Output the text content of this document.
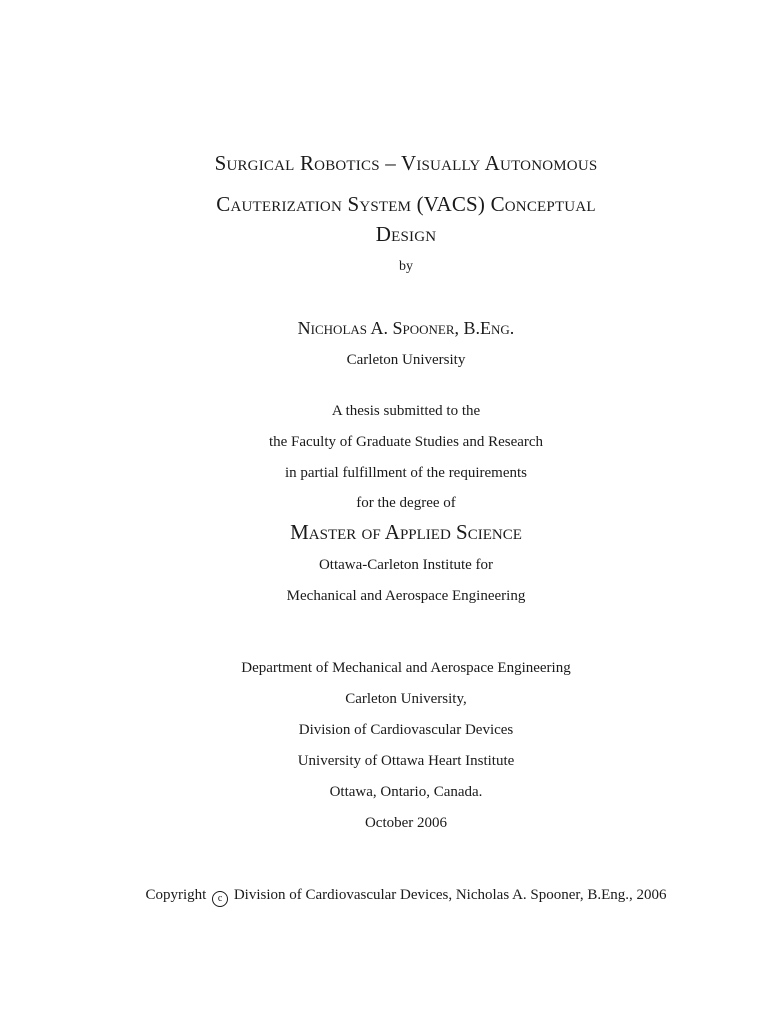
Surgical Robotics – Visually Autonomous
Cauterization System (VACS) Conceptual
Design
by
Nicholas A. Spooner, B.Eng.
Carleton University
A thesis submitted to the
the Faculty of Graduate Studies and Research
in partial fulfillment of the requirements
for the degree of
Master of Applied Science
Ottawa-Carleton Institute for
Mechanical and Aerospace Engineering
Department of Mechanical and Aerospace Engineering
Carleton University,
Division of Cardiovascular Devices
University of Ottawa Heart Institute
Ottawa, Ontario, Canada.
October 2006
Copyright c Division of Cardiovascular Devices, Nicholas A. Spooner, B.Eng., 2006
